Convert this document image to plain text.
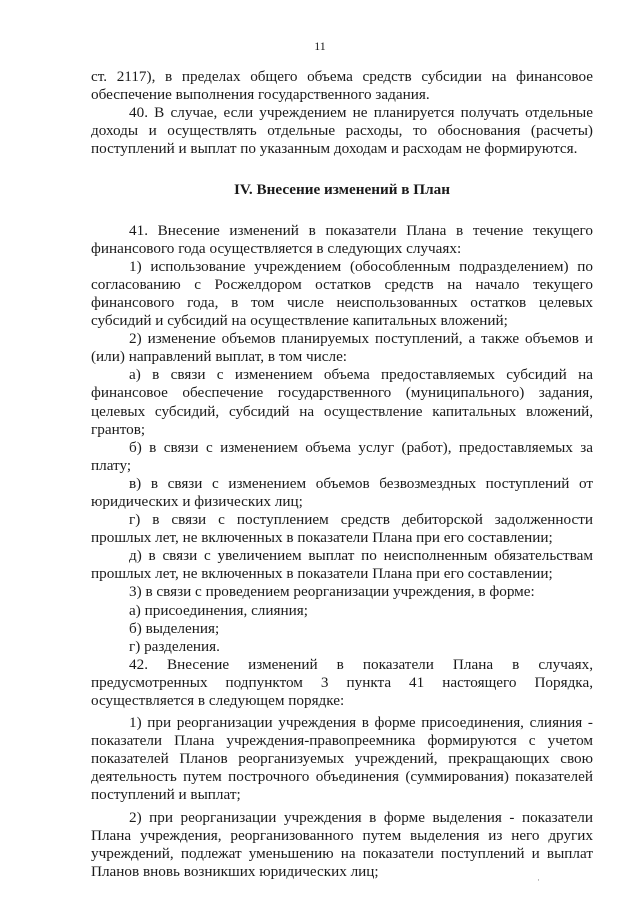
11

ст. 2117), в пределах общего объема средств субсидии на финансовое обеспечение выполнения государственного задания.

40. В случае, если учреждением не планируется получать отдельные доходы и осуществлять отдельные расходы, то обоснования (расчеты) поступлений и выплат по указанным доходам и расходам не формируются.

IV. Внесение изменений в План

41. Внесение изменений в показатели Плана в течение текущего финансового года осуществляется в следующих случаях:

1) использование учреждением (обособленным подразделением) по согласованию с Росжелдором остатков средств на начало текущего финансового года, в том числе неиспользованных остатков целевых субсидий и субсидий на осуществление капитальных вложений;

2) изменение объемов планируемых поступлений, а также объемов и (или) направлений выплат, в том числе:

а) в связи с изменением объема предоставляемых субсидий на финансовое обеспечение государственного (муниципального) задания, целевых субсидий, субсидий на осуществление капитальных вложений, грантов;

б) в связи с изменением объема услуг (работ), предоставляемых за плату;

в) в связи с изменением объемов безвозмездных поступлений от юридических и физических лиц;

г) в связи с поступлением средств дебиторской задолженности прошлых лет, не включенных в показатели Плана при его составлении;

д) в связи с увеличением выплат по неисполненным обязательствам прошлых лет, не включенных в показатели Плана при его составлении;

3) в связи с проведением реорганизации учреждения, в форме:

а) присоединения, слияния;

б) выделения;

г) разделения.

42. Внесение изменений в показатели Плана в случаях, предусмотренных подпунктом 3 пункта 41 настоящего Порядка, осуществляется в следующем порядке:

1) при реорганизации учреждения в форме присоединения, слияния - показатели Плана учреждения-правопреемника формируются с учетом показателей Планов реорганизуемых учреждений, прекращающих свою деятельность путем построчного объединения (суммирования) показателей поступлений и выплат;

2) при реорганизации учреждения в форме выделения - показатели Плана учреждения, реорганизованного путем выделения из него других учреждений, подлежат уменьшению на показатели поступлений и выплат Планов вновь возникших юридических лиц;

·
